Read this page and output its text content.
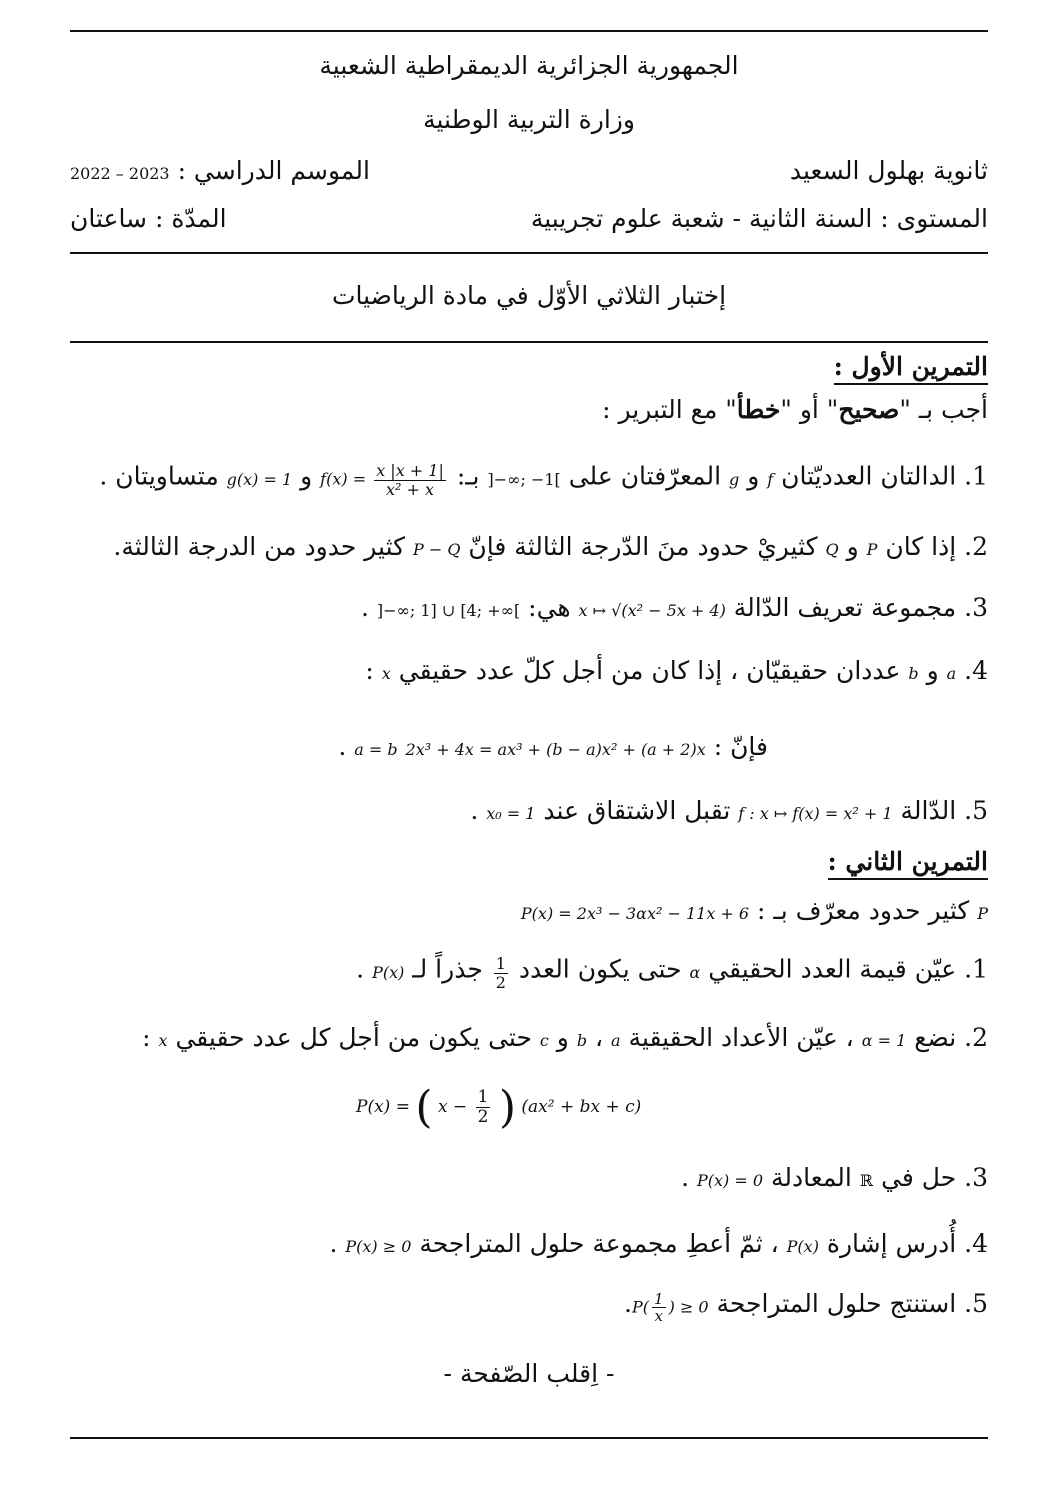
الجمهورية الجزائرية الديمقراطية الشعبية
وزارة التربية الوطنية
ثانوية بهلول السعيد
الموسم الدراسي : 2022 – 2023
المستوى : السنة الثانية - شعبة علوم تجريبية
المدّة : ساعتان
إختبار الثلاثي الأوّل في مادة الرياضيات
التمرين الأول :
أجب بـ "صحيح" أو "خطأ" مع التبرير :
1. الدالتان العدديّتان f و g المعرّفتان على ]−∞; −1[ بـ: $f(x) = \frac{x |x + 1|}{\text{x² + x}}$
و g(x) = 1 متساويتان .
2. إذا كان P و Q كثيريْ حدود منَ الدّرجة الثالثة فإنّ P − Q كثير حدود من الدرجة الثالثة.
3. مجموعة تعريف الدّالة x ↦ √(x² − 5x + 4) هي: ]−∞; 1] ∪ [4; +∞[ .
4. a و b عددان حقيقيّان ، إذا كان من أجل كلّ عدد حقيقي x :
فإنّ : 2x³ + 4x = ax³ + (b − a)x² + (a + 2)x a = b .
5. الدّالة f : x ↦ f(x) = x² + 1 تقبل الاشتقاق عند x₀ = 1 .
التمرين الثاني :
P كثير حدود معرّف بـ : P(x) = 2x³ − 3αx² − 11x + 6
1. عيّن قيمة العدد الحقيقي α حتى يكون العدد
$\frac{1}{2}$
جذراً لـ P(x) .
2. نضع α = 1 ، عيّن الأعداد الحقيقية a ، b و c حتى يكون من أجل كل عدد حقيقي x :
P(x) = ( $x - \frac{1}{2}$ ) (ax² + bx + c)
3. حل في ℝ المعادلة P(x) = 0 .
4. أُدرس إشارة P(x) ، ثمّ أعطِ مجموعة حلول المتراجحة P(x) ≥ 0 .
5. استنتج حلول المتراجحة $P( \frac{1}{x}$ ) ≥ 0.
- اِقلب الصّفحة -
